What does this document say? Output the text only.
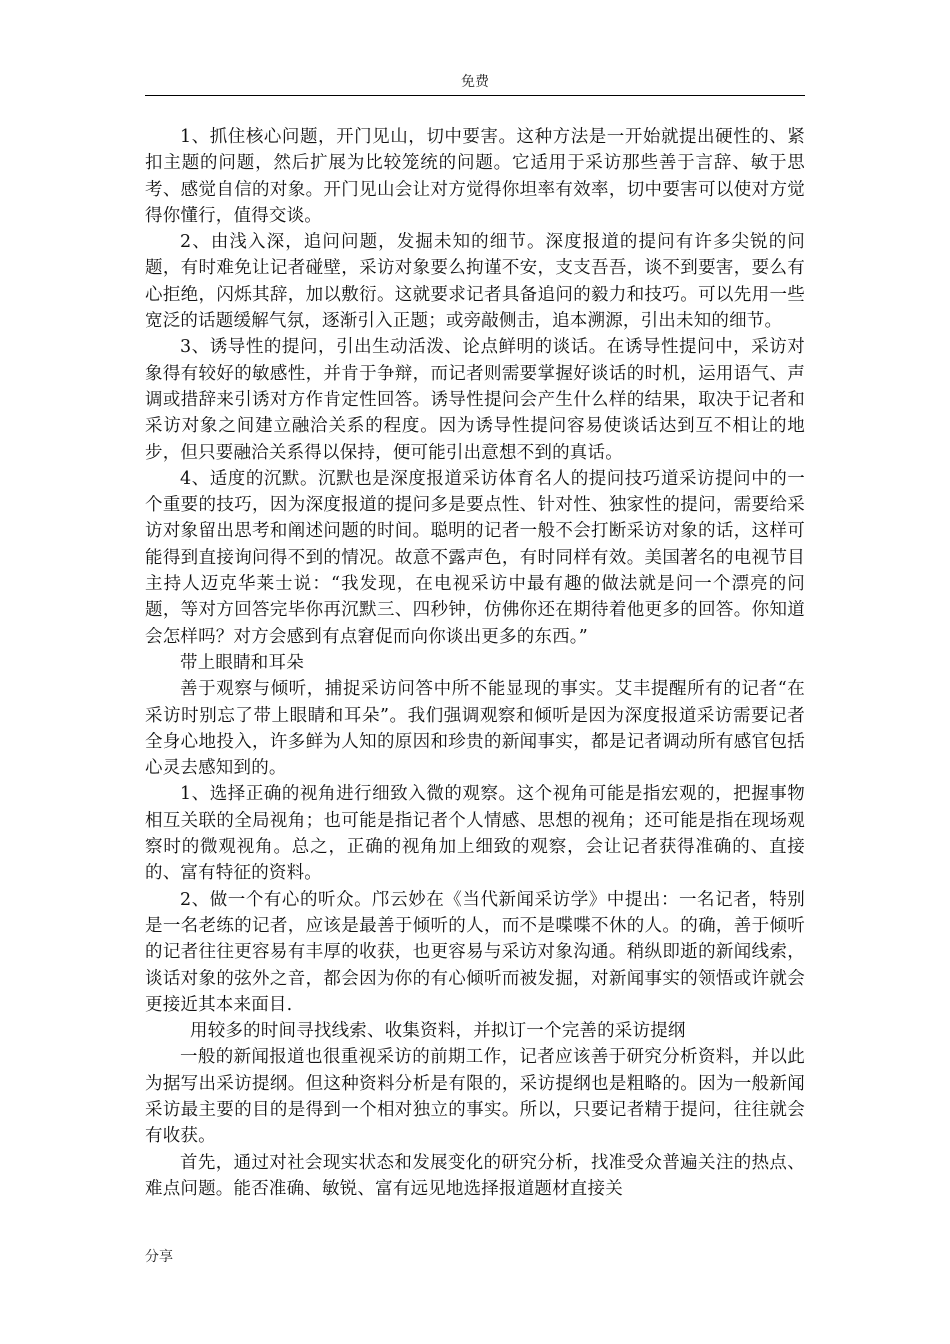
免费

1、抓住核心问题，开门见山，切中要害。这种方法是一开始就提出硬性的、紧扣主题的问题，然后扩展为比较笼统的问题。它适用于采访那些善于言辞、敏于思考、感觉自信的对象。开门见山会让对方觉得你坦率有效率，切中要害可以使对方觉得你懂行，值得交谈。

2、由浅入深，追问问题，发掘未知的细节。深度报道的提问有许多尖锐的问题，有时难免让记者碰壁，采访对象要么拘谨不安，支支吾吾，谈不到要害，要么有心拒绝，闪烁其辞，加以敷衍。这就要求记者具备追问的毅力和技巧。可以先用一些宽泛的话题缓解气氛，逐渐引入正题；或旁敲侧击，追本溯源，引出未知的细节。

3、诱导性的提问，引出生动活泼、论点鲜明的谈话。在诱导性提问中，采访对象得有较好的敏感性，并肯于争辩，而记者则需要掌握好谈话的时机，运用语气、声调或措辞来引诱对方作肯定性回答。诱导性提问会产生什么样的结果，取决于记者和采访对象之间建立融洽关系的程度。因为诱导性提问容易使谈话达到互不相让的地步，但只要融洽关系得以保持，便可能引出意想不到的真话。

4、适度的沉默。沉默也是深度报道采访体育名人的提问技巧道采访提问中的一个重要的技巧，因为深度报道的提问多是要点性、针对性、独家性的提问，需要给采访对象留出思考和阐述问题的时间。聪明的记者一般不会打断采访对象的话，这样可能得到直接询问得不到的情况。故意不露声色，有时同样有效。美国著名的电视节目主持人迈克华莱士说：“我发现，在电视采访中最有趣的做法就是问一个漂亮的问题，等对方回答完毕你再沉默三、四秒钟，仿佛你还在期待着他更多的回答。你知道会怎样吗？对方会感到有点窘促而向你谈出更多的东西。”

带上眼睛和耳朵

善于观察与倾听，捕捉采访问答中所不能显现的事实。艾丰提醒所有的记者“在采访时别忘了带上眼睛和耳朵”。我们强调观察和倾听是因为深度报道采访需要记者全身心地投入，许多鲜为人知的原因和珍贵的新闻事实，都是记者调动所有感官包括心灵去感知到的。

1、选择正确的视角进行细致入微的观察。这个视角可能是指宏观的，把握事物相互关联的全局视角；也可能是指记者个人情感、思想的视角；还可能是指在现场观察时的微观视角。总之，正确的视角加上细致的观察，会让记者获得准确的、直接的、富有特征的资料。

2、做一个有心的听众。邝云妙在《当代新闻采访学》中提出：一名记者，特别是一名老练的记者，应该是最善于倾听的人，而不是喋喋不休的人。的确，善于倾听的记者往往更容易有丰厚的收获，也更容易与采访对象沟通。稍纵即逝的新闻线索，谈话对象的弦外之音，都会因为你的有心倾听而被发掘，对新闻事实的领悟或许就会更接近其本来面目.

用较多的时间寻找线索、收集资料，并拟订一个完善的采访提纲

一般的新闻报道也很重视采访的前期工作，记者应该善于研究分析资料，并以此为据写出采访提纲。但这种资料分析是有限的，采访提纲也是粗略的。因为一般新闻采访最主要的目的是得到一个相对独立的事实。所以，只要记者精于提问，往往就会有收获。

首先，通过对社会现实状态和发展变化的研究分析，找准受众普遍关注的热点、难点问题。能否准确、敏锐、富有远见地选择报道题材直接关

分享
